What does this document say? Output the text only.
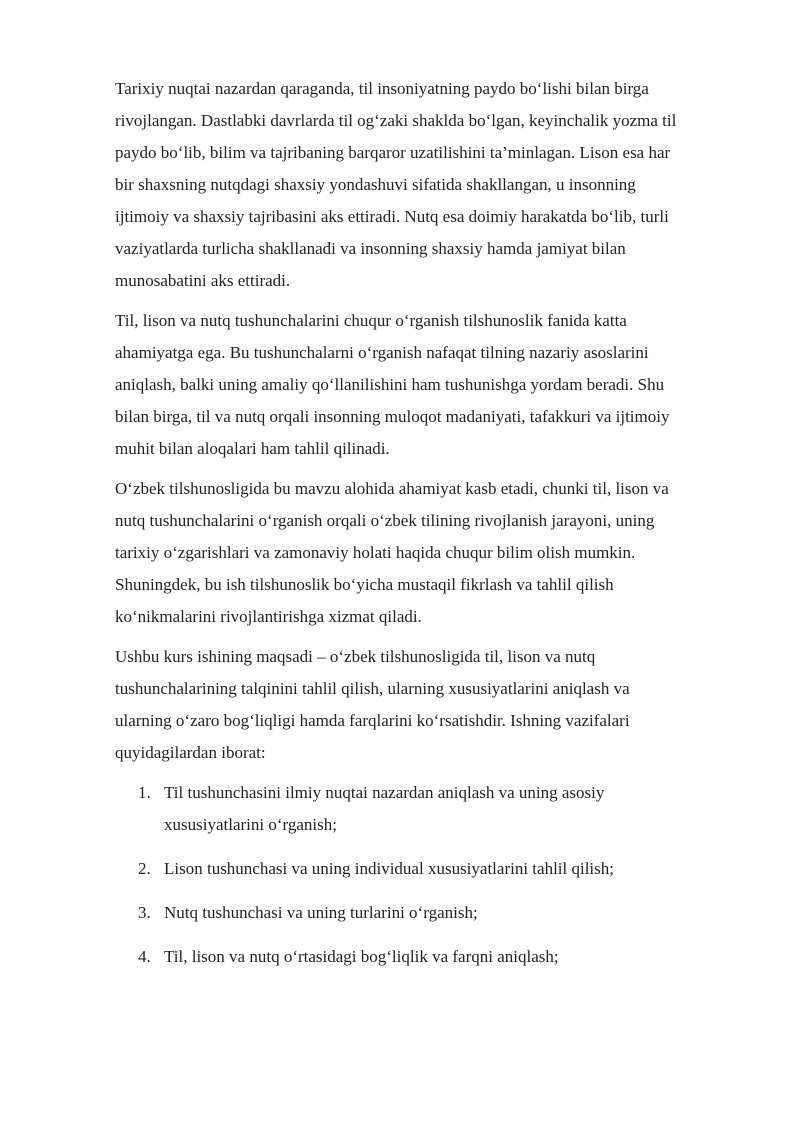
Tarixiy nuqtai nazardan qaraganda, til insoniyatning paydo bo‘lishi bilan birga
rivojlangan. Dastlabki davrlarda til og‘zaki shaklda bo‘lgan, keyinchalik yozma til
paydo bo‘lib, bilim va tajribaning barqaror uzatilishini ta’minlagan. Lison esa har
bir shaxsning nutqdagi shaxsiy yondashuvi sifatida shakllangan, u insonning
ijtimoiy va shaxsiy tajribasini aks ettiradi. Nutq esa doimiy harakatda bo‘lib, turli
vaziyatlarda turlicha shakllanadi va insonning shaxsiy hamda jamiyat bilan
munosabatini aks ettiradi.

Til, lison va nutq tushunchalarini chuqur o‘rganish tilshunoslik fanida katta
ahamiyatga ega. Bu tushunchalarni o‘rganish nafaqat tilning nazariy asoslarini
aniqlash, balki uning amaliy qo‘llanilishini ham tushunishga yordam beradi. Shu
bilan birga, til va nutq orqali insonning muloqot madaniyati, tafakkuri va ijtimoiy
muhit bilan aloqalari ham tahlil qilinadi.

O‘zbek tilshunosligida bu mavzu alohida ahamiyat kasb etadi, chunki til, lison va
nutq tushunchalarini o‘rganish orqali o‘zbek tilining rivojlanish jarayoni, uning
tarixiy o‘zgarishlari va zamonaviy holati haqida chuqur bilim olish mumkin.
Shuningdek, bu ish tilshunoslik bo‘yicha mustaqil fikrlash va tahlil qilish
ko‘nikmalarini rivojlantirishga xizmat qiladi.

Ushbu kurs ishining maqsadi – o‘zbek tilshunosligida til, lison va nutq
tushunchalarining talqinini tahlil qilish, ularning xususiyatlarini aniqlash va
ularning o‘zaro bog‘liqligi hamda farqlarini ko‘rsatishdir. Ishning vazifalari
quyidagilardan iborat:

1. Til tushunchasini ilmiy nuqtai nazardan aniqlash va uning asosiy
xususiyatlarini o‘rganish;
2. Lison tushunchasi va uning individual xususiyatlarini tahlil qilish;
3. Nutq tushunchasi va uning turlarini o‘rganish;
4. Til, lison va nutq o‘rtasidagi bog‘liqlik va farqni aniqlash;
